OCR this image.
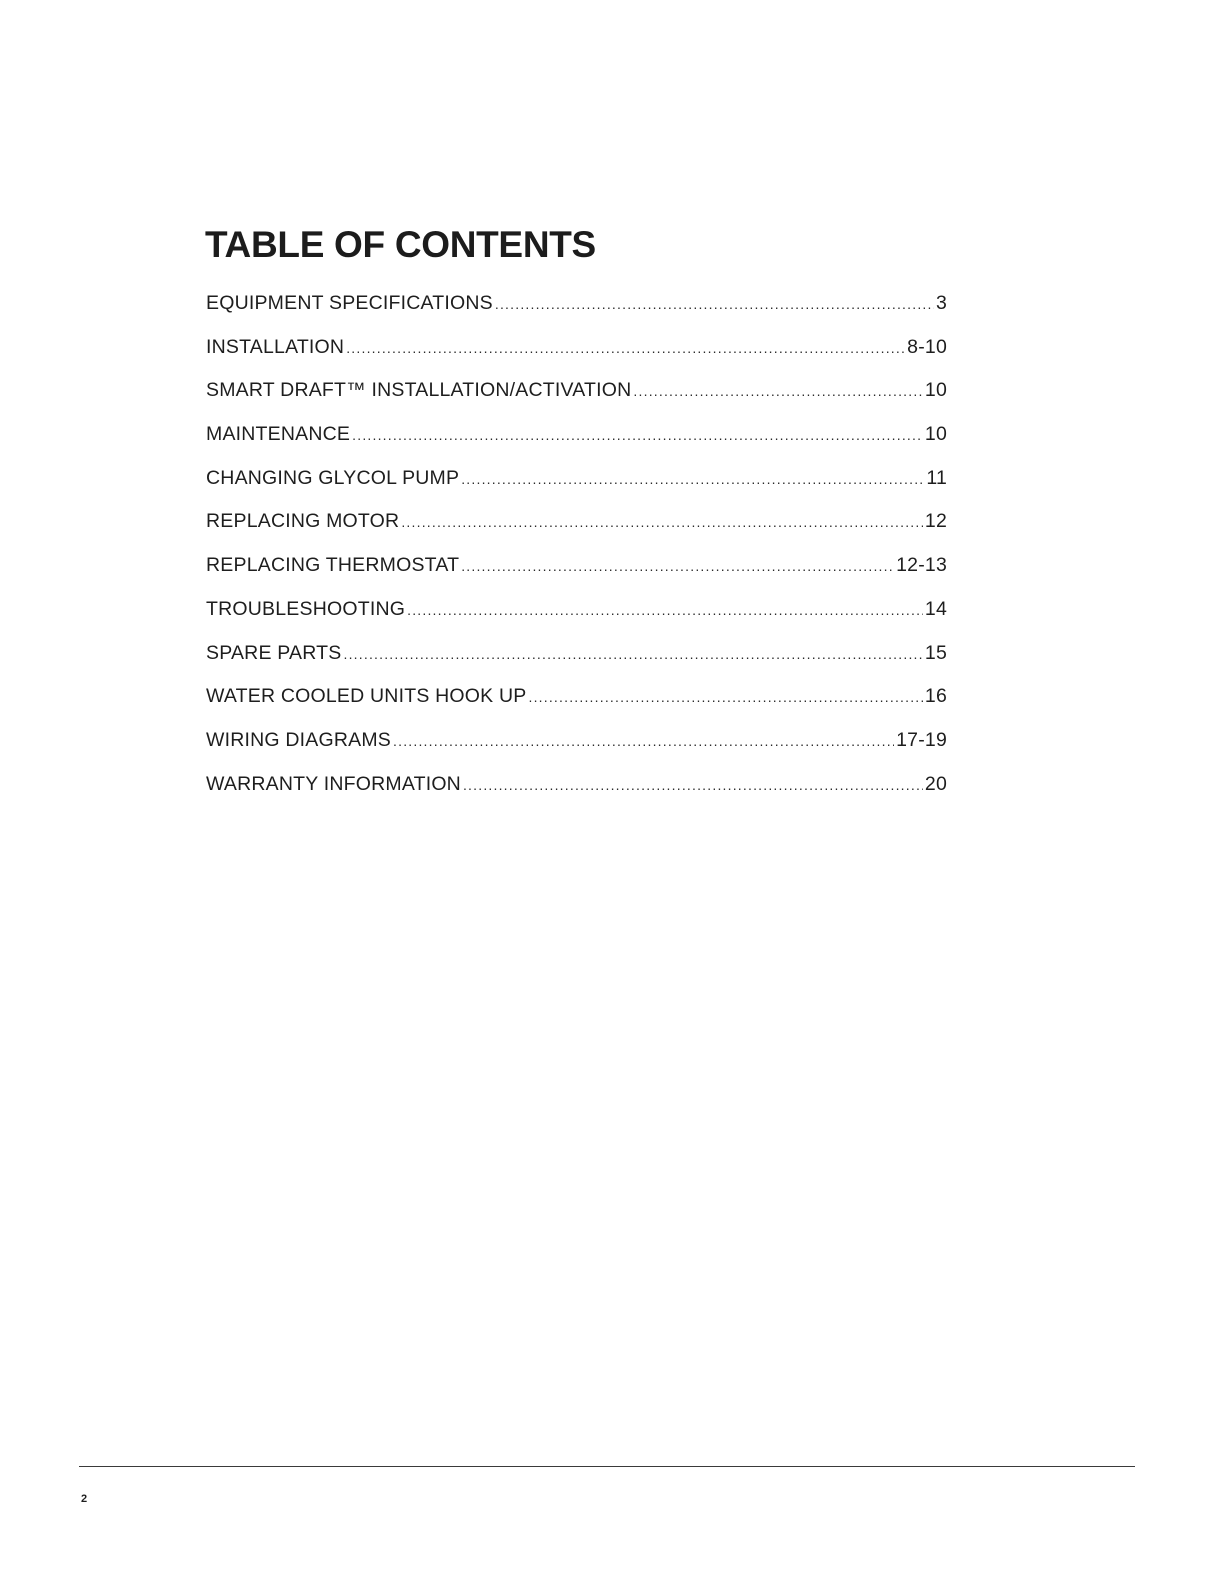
TABLE OF CONTENTS
EQUIPMENT SPECIFICATIONS .....	3
INSTALLATION .....	8-10
SMART DRAFT™ INSTALLATION/ACTIVATION .....	10
MAINTENANCE .....	10
CHANGING GLYCOL PUMP .....	11
REPLACING MOTOR .....	12
REPLACING THERMOSTAT .....	12-13
TROUBLESHOOTING .....	14
SPARE PARTS .....	15
WATER COOLED UNITS HOOK UP .....	16
WIRING DIAGRAMS .....	17-19
WARRANTY INFORMATION .....	20
2
